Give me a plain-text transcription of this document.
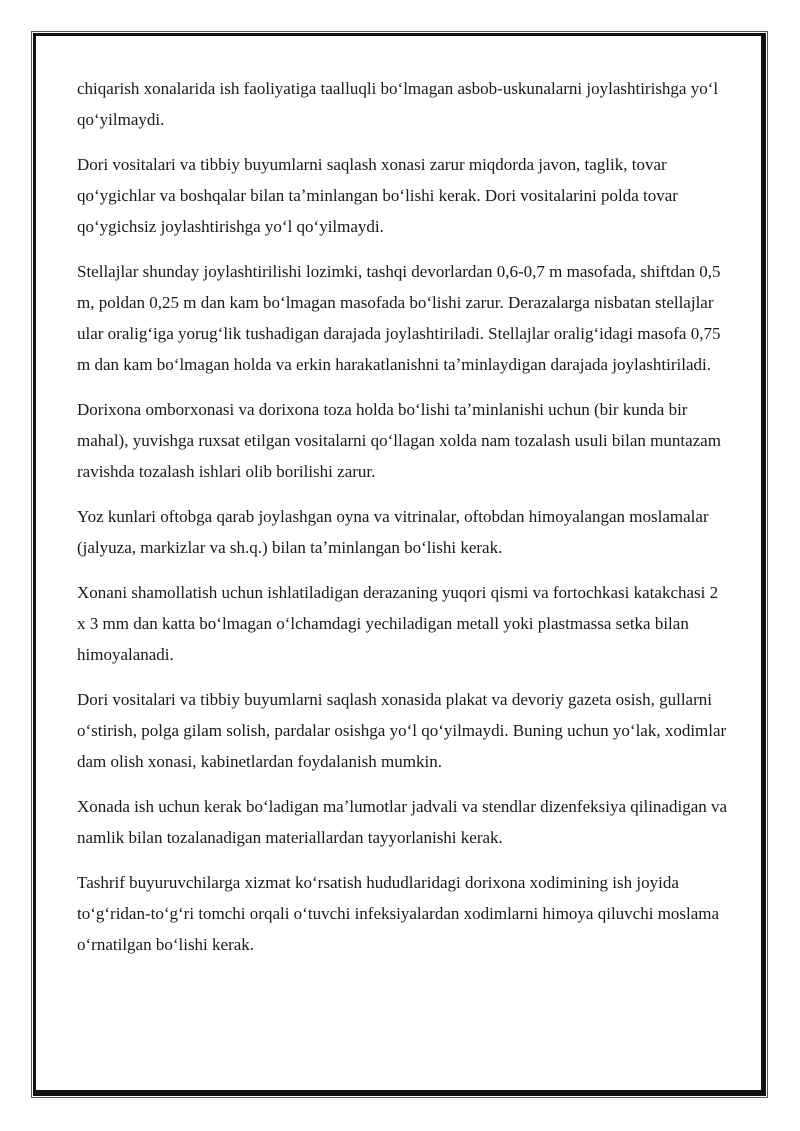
chiqarish xonalarida ish faoliyatiga taalluqli boʻlmagan asbob-uskunalarni joylashtirishga yoʻl qoʻyilmaydi.

Dori vositalari va tibbiy buyumlarni saqlash xonasi zarur miqdorda javon, taglik, tovar qoʻygichlar va boshqalar bilan taʼminlangan boʻlishi kerak. Dori vositalarini polda tovar qoʻygichsiz joylashtirishga yoʻl qoʻyilmaydi.

Stellajlar shunday joylashtirilishi lozimki, tashqi devorlardan 0,6-0,7 m masofada, shiftdan 0,5 m, poldan 0,25 m dan kam boʻlmagan masofada boʻlishi zarur. Derazalarga nisbatan stellajlar ular oraligʻiga yorugʻlik tushadigan darajada joylashtiriladi. Stellajlar oraligʻidagi masofa 0,75 m dan kam boʻlmagan holda va erkin harakatlanishni taʼminlaydigan darajada joylashtiriladi.

Dorixona omborxonasi va dorixona toza holda boʻlishi taʼminlanishi uchun (bir kunda bir mahal), yuvishga ruxsat etilgan vositalarni qoʻllagan xolda nam tozalash usuli bilan muntazam ravishda tozalash ishlari olib borilishi zarur.

Yoz kunlari oftobga qarab joylashgan oyna va vitrinalar, oftobdan himoyalangan moslamalar (jalyuza, markizlar va sh.q.) bilan taʼminlangan boʻlishi kerak.

Xonani shamollatish uchun ishlatiladigan derazaning yuqori qismi va fortochkasi katakchasi 2 x 3 mm dan katta boʻlmagan oʻlchamdagi yechiladigan metall yoki plastmassa setka bilan himoyalanadi.

Dori vositalari va tibbiy buyumlarni saqlash xonasida plakat va devoriy gazeta osish, gullarni oʻstirish, polga gilam solish, pardalar osishga yoʻl qoʻyilmaydi. Buning uchun yoʻlak, xodimlar dam olish xonasi, kabinetlardan foydalanish mumkin.

Xonada ish uchun kerak boʻladigan maʼlumotlar jadvali va stendlar dizenfeksiya qilinadigan va namlik bilan tozalanadigan materiallardan tayyorlanishi kerak.

Tashrif buyuruvchilarga xizmat koʻrsatish hududlaridagi dorixona xodimining ish joyida toʻgʻridan-toʻgʻri tomchi orqali oʻtuvchi infeksiyalardan xodimlarni himoya qiluvchi moslama oʻrnatilgan boʻlishi kerak.
